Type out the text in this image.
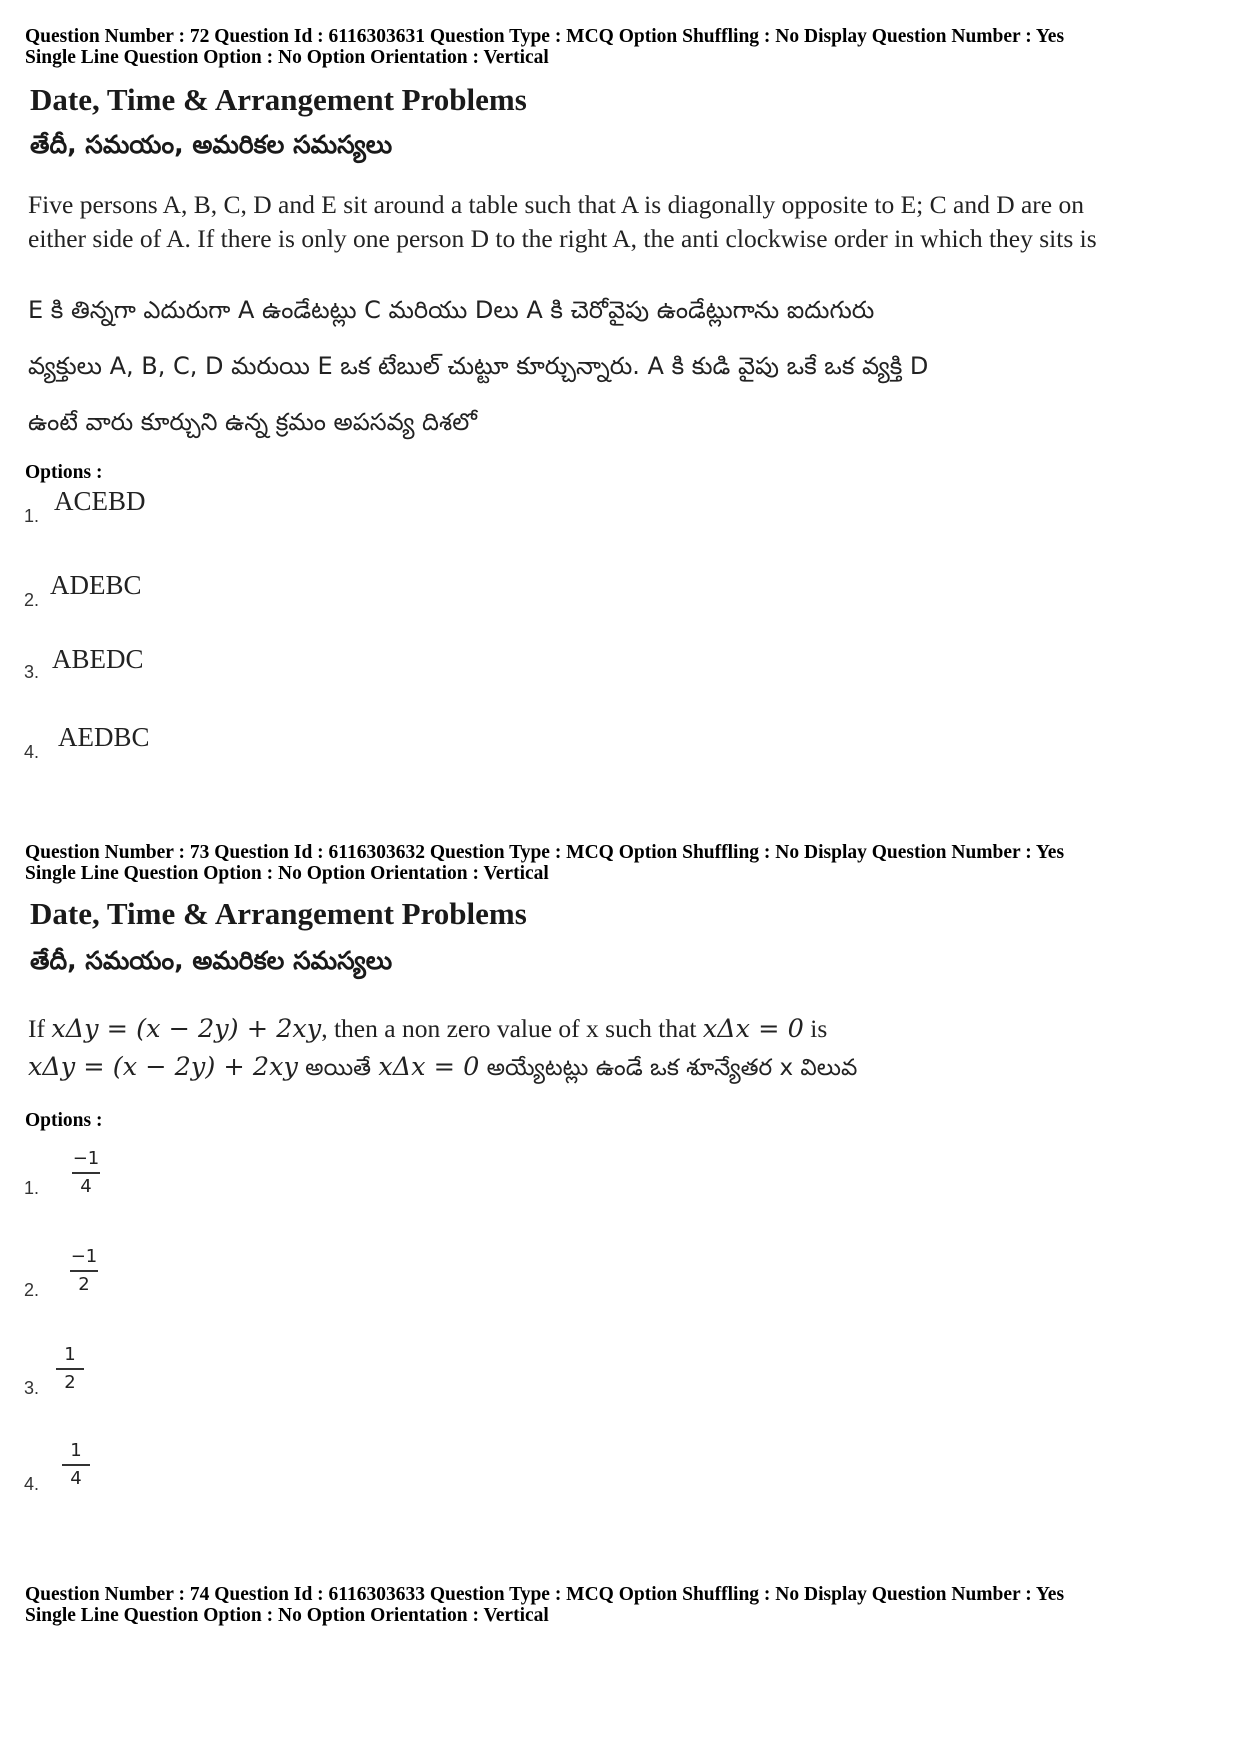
Question Number : 72 Question Id : 6116303631 Question Type : MCQ Option Shuffling : No Display Question Number : Yes
Single Line Question Option : No Option Orientation : Vertical
Date, Time & Arrangement Problems
తేదీ, సమయం, అమరికల సమస్యలు
Five persons A, B, C, D and E sit around a table such that A is diagonally opposite to E; C and D are on either side of A. If there is only one person D to the right A, the anti clockwise order in which they sits is
E కి తిన్నగా ఎదురుగా A ఉండేటట్లు C మరియు Dలు A కి చెరోవైపు ఉండేట్లుగాను ఐదుగురు
వ్యక్తులు A, B, C, D మరుయి E ఒక టేబుల్ చుట్టూ కూర్చున్నారు. A కి కుడి వైపు ఒకే ఒక వ్యక్తి D
ఉంటే వారు కూర్చుని ఉన్న క్రమం అపసవ్య దిశలో
Options :
1. ACEBD
2. ADEBC
3. ABEDC
4. AEDBC
Question Number : 73 Question Id : 6116303632 Question Type : MCQ Option Shuffling : No Display Question Number : Yes
Single Line Question Option : No Option Orientation : Vertical
Date, Time & Arrangement Problems
తేదీ, సమయం, అమరికల సమస్యలు
If xΔy = (x − 2y) + 2xy, then a non zero value of x such that xΔx = 0 is
xΔy = (x − 2y) + 2xy అయితే xΔx = 0 అయ్యేటట్లు ఉండే ఒక శూన్యేతర x విలువ
Options :
1.
−1
4
2.
−1
2
3.
1
2
4.
1
4
Question Number : 74 Question Id : 6116303633 Question Type : MCQ Option Shuffling : No Display Question Number : Yes
Single Line Question Option : No Option Orientation : Vertical
